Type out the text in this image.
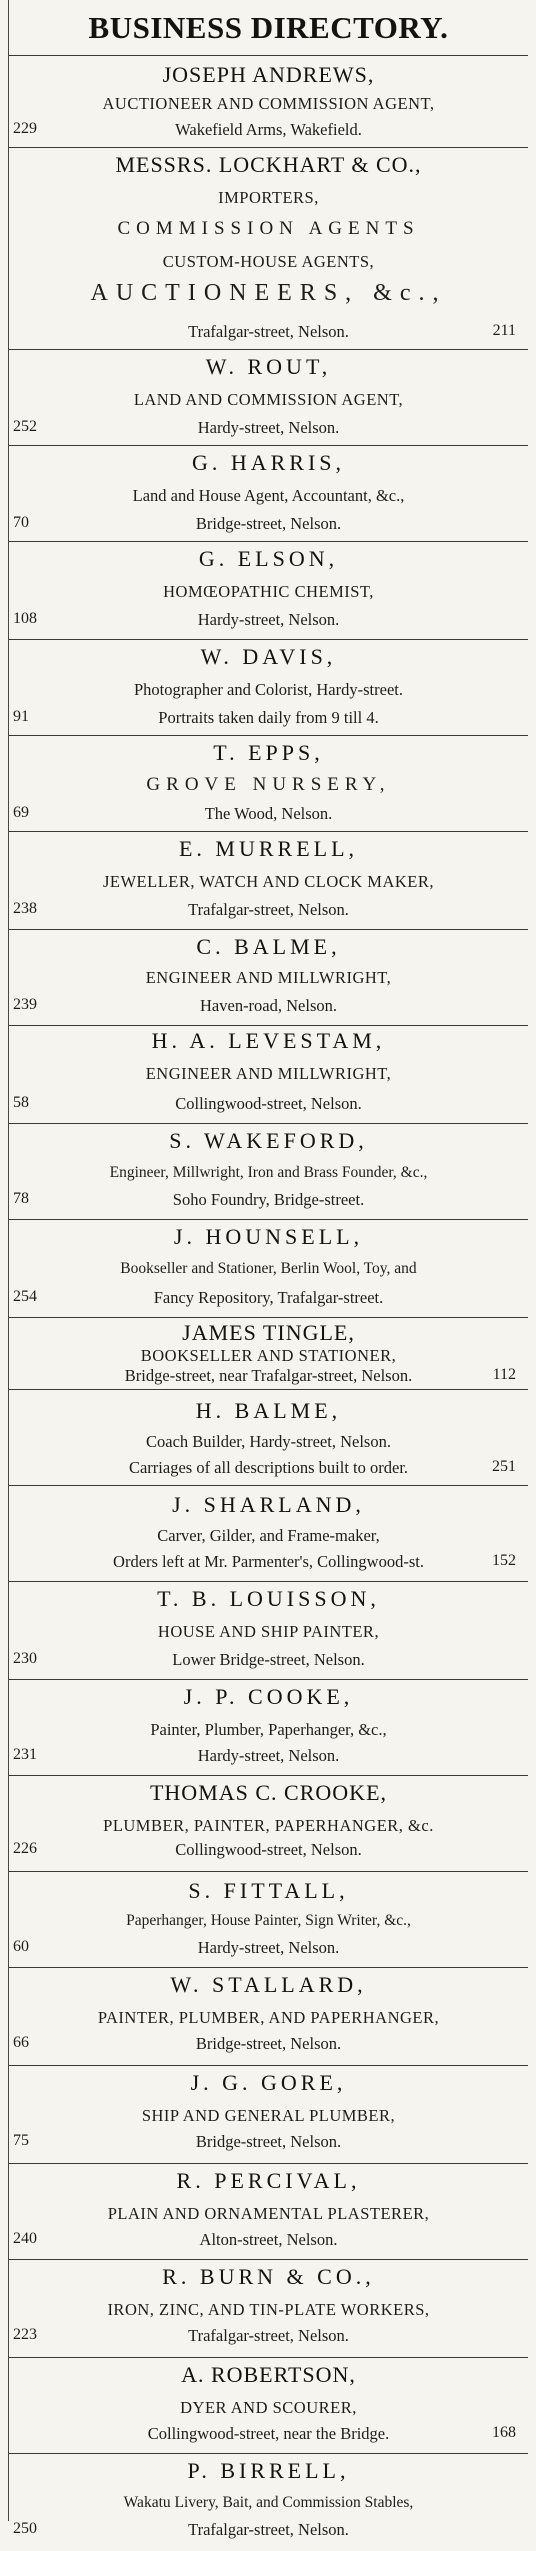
BUSINESS DIRECTORY.
JOSEPH ANDREWS,
AUCTIONEER AND COMMISSION AGENT,
Wakefield Arms, Wakefield.
229
MESSRS. LOCKHART & CO.,
IMPORTERS,
COMMISSION AGENTS
CUSTOM-HOUSE AGENTS,
AUCTIONEERS, &c.,
Trafalgar-street, Nelson.	211
W. ROUT,
LAND AND COMMISSION AGENT,
Hardy-street, Nelson.
252
G. HARRIS,
Land and House Agent, Accountant, &c.,
Bridge-street, Nelson.
70
G. ELSON,
HOMŒOPATHIC CHEMIST,
Hardy-street, Nelson.
108
W. DAVIS,
Photographer and Colorist, Hardy-street.
Portraits taken daily from 9 till 4.
91
T. EPPS,
GROVE NURSERY,
The Wood, Nelson.
69
E. MURRELL,
JEWELLER, WATCH AND CLOCK MAKER,
Trafalgar-street, Nelson.
238
C. BALME,
ENGINEER AND MILLWRIGHT,
Haven-road, Nelson.
239
H. A. LEVESTAM,
ENGINEER AND MILLWRIGHT,
Collingwood-street, Nelson.
58
S. WAKEFORD,
Engineer, Millwright, Iron and Brass Founder, &c.,
Soho Foundry, Bridge-street.
78
J. HOUNSELL,
Bookseller and Stationer, Berlin Wool, Toy, and
Fancy Repository, Trafalgar-street.
254
JAMES TINGLE,
BOOKSELLER AND STATIONER,
Bridge-street, near Trafalgar-street, Nelson.	112
H. BALME,
Coach Builder, Hardy-street, Nelson.
Carriages of all descriptions built to order.	251
J. SHARLAND,
Carver, Gilder, and Frame-maker,
Orders left at Mr. Parmenter's, Collingwood-st.	152
T. B. LOUISSON,
HOUSE AND SHIP PAINTER,
Lower Bridge-street, Nelson.
230
J. P. COOKE,
Painter, Plumber, Paperhanger, &c.,
Hardy-street, Nelson.
231
THOMAS C. CROOKE,
PLUMBER, PAINTER, PAPERHANGER, &c.
Collingwood-street, Nelson.
226
S. FITTALL,
Paperhanger, House Painter, Sign Writer, &c.,
Hardy-street, Nelson.
60
W. STALLARD,
PAINTER, PLUMBER, AND PAPERHANGER,
Bridge-street, Nelson.
66
J. G. GORE,
SHIP AND GENERAL PLUMBER,
Bridge-street, Nelson.
75
R. PERCIVAL,
PLAIN AND ORNAMENTAL PLASTERER,
Alton-street, Nelson.
240
R. BURN & CO.,
IRON, ZINC, AND TIN-PLATE WORKERS,
Trafalgar-street, Nelson.
223
A. ROBERTSON,
DYER AND SCOURER,
Collingwood-street, near the Bridge.	168
P. BIRRELL,
Wakatu Livery, Bait, and Commission Stables,
Trafalgar-street, Nelson.
250
